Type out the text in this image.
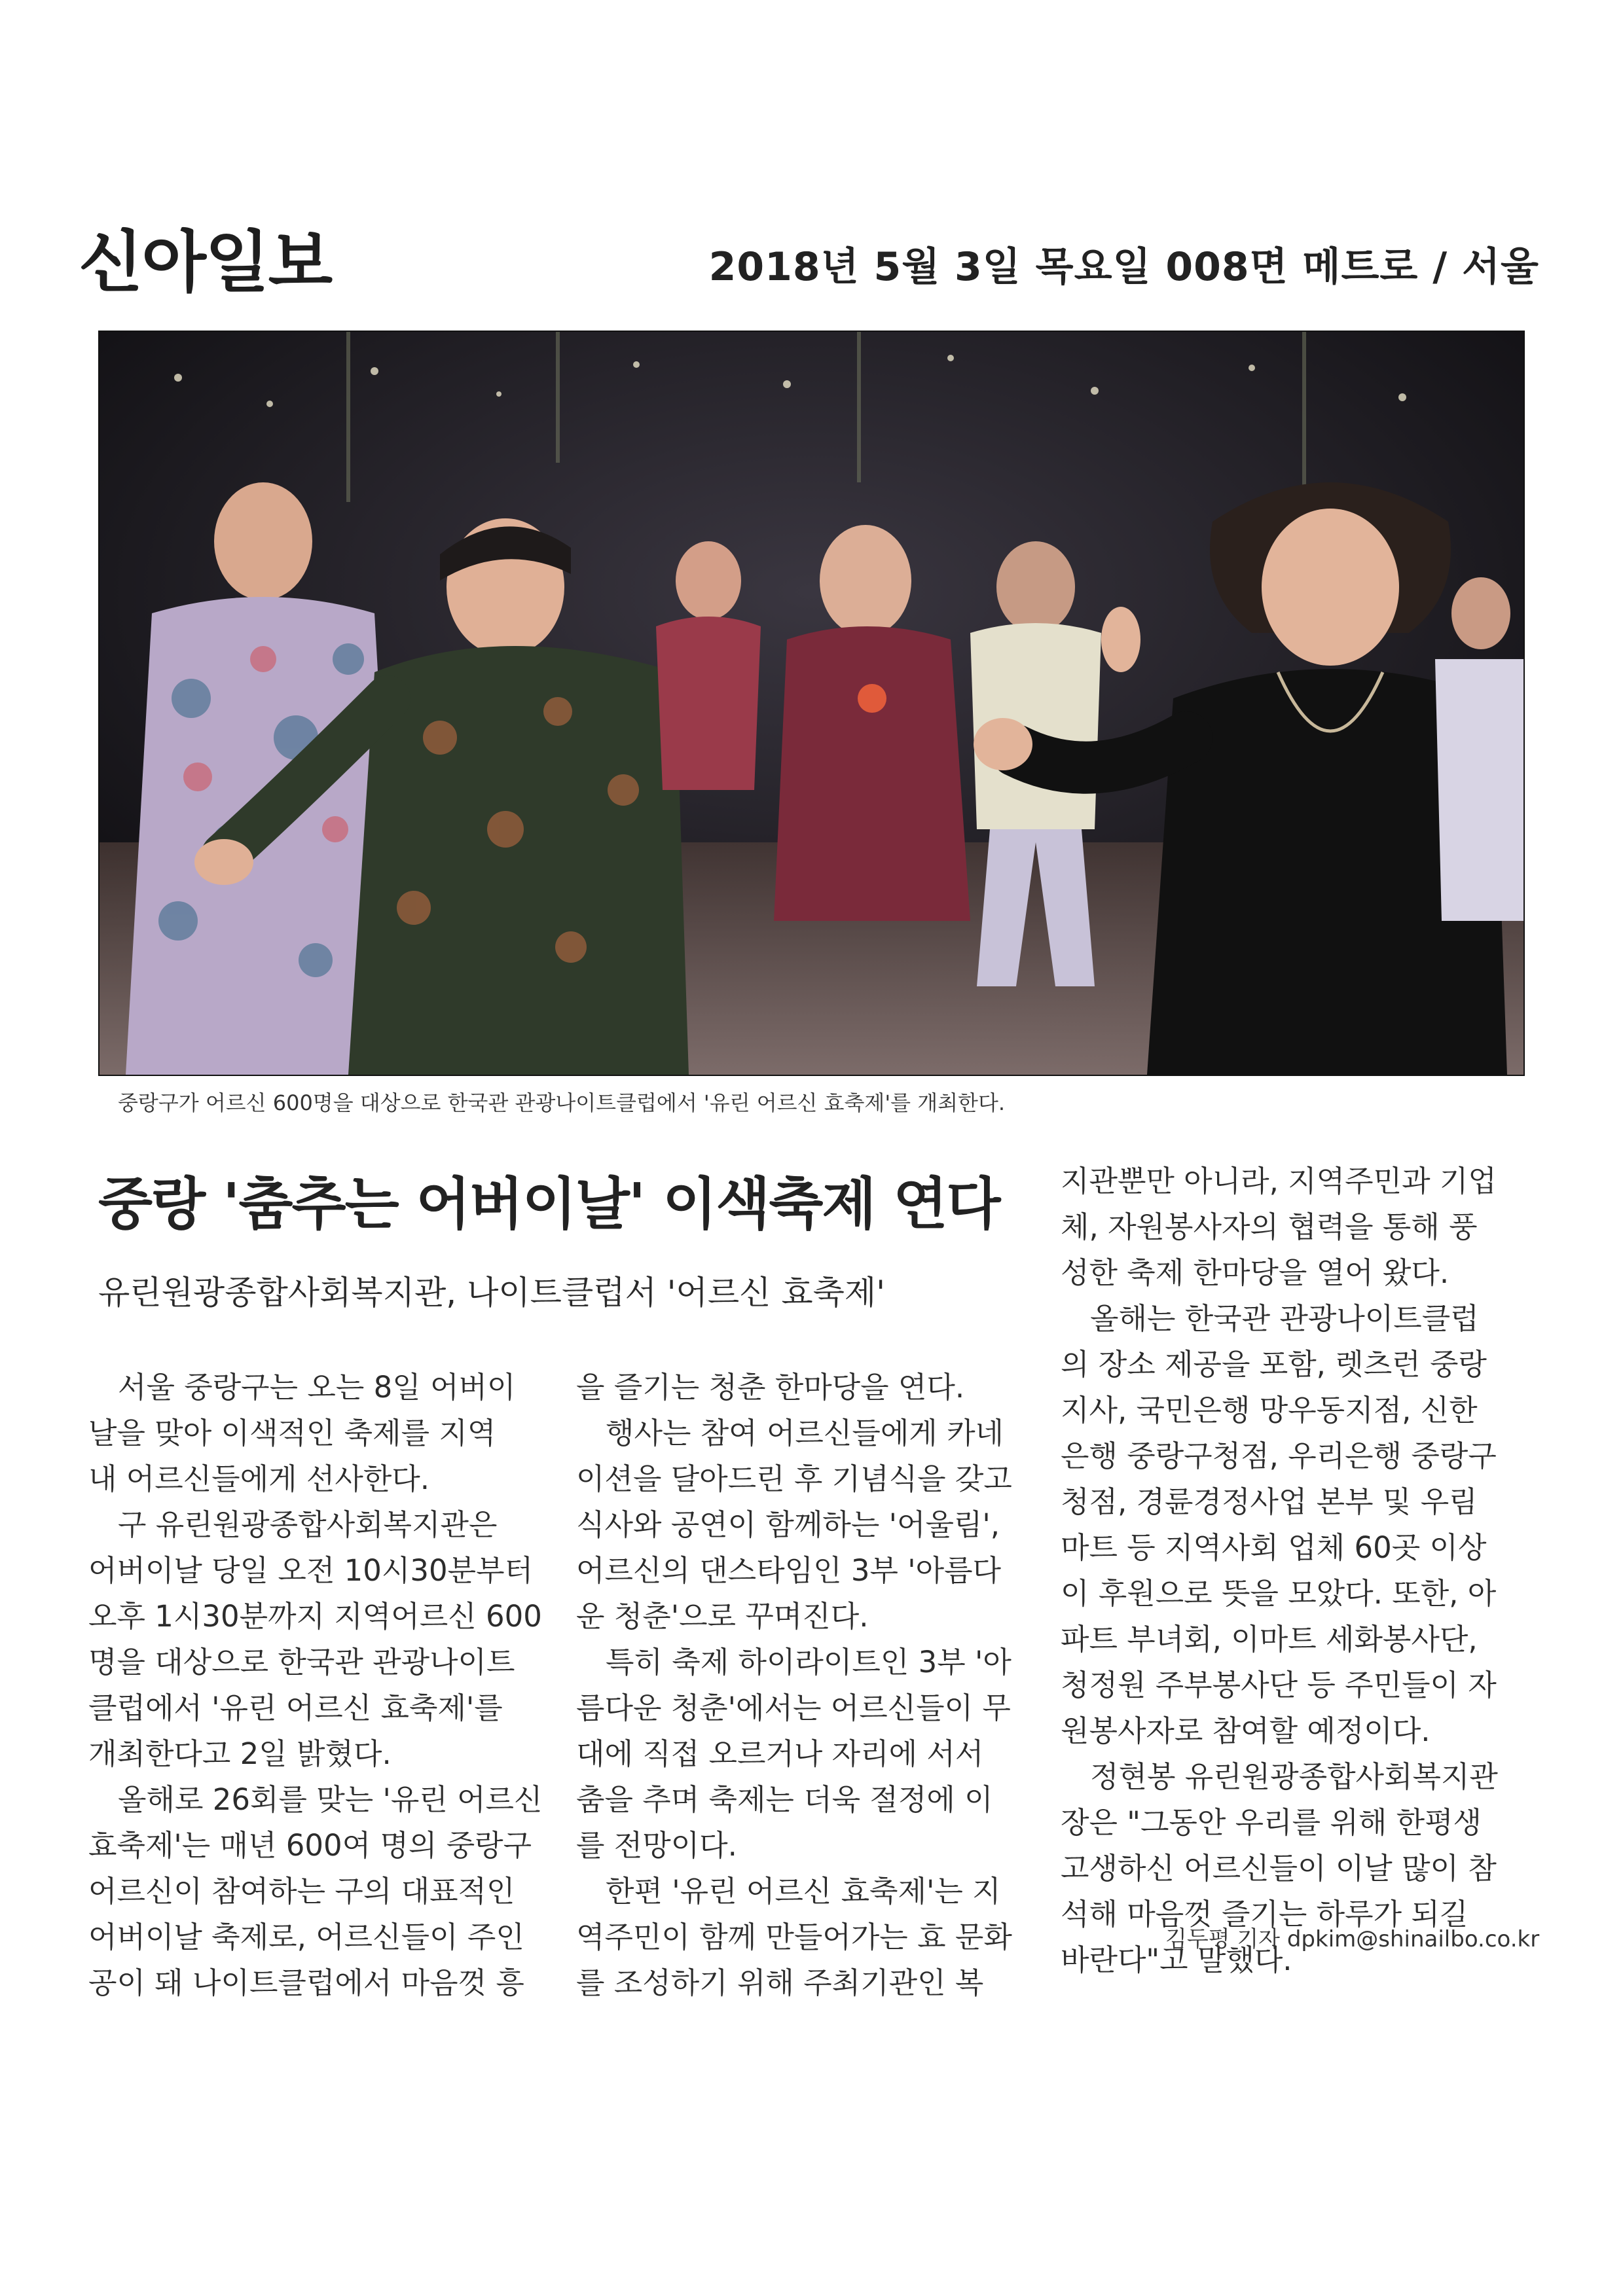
신아일보	2018년 5월 3일 목요일 008면 메트로 / 서울
중랑구가 어르신 600명을 대상으로 한국관 관광나이트클럽에서 '유린 어르신 효축제'를 개최한다.
중랑 '춤추는 어버이날' 이색축제 연다
유린원광종합사회복지관, 나이트클럽서 '어르신 효축제'

　서울 중랑구는 오는 8일 어버이

날을 맞아 이색적인 축제를 지역

내 어르신들에게 선사한다.

　구 유린원광종합사회복지관은

어버이날 당일 오전 10시30분부터

오후 1시30분까지 지역어르신 600

명을 대상으로 한국관 관광나이트

클럽에서 '유린 어르신 효축제'를

개최한다고 2일 밝혔다.

　올해로 26회를 맞는 '유린 어르신

효축제'는 매년 600여 명의 중랑구

어르신이 참여하는 구의 대표적인

어버이날 축제로, 어르신들이 주인

공이 돼 나이트클럽에서 마음껏 흥

을 즐기는 청춘 한마당을 연다.

　행사는 참여 어르신들에게 카네

이션을 달아드린 후 기념식을 갖고

식사와 공연이 함께하는 '어울림',

어르신의 댄스타임인 3부 '아름다

운 청춘'으로 꾸며진다.

　특히 축제 하이라이트인 3부 '아

름다운 청춘'에서는 어르신들이 무

대에 직접 오르거나 자리에 서서

춤을 추며 축제는 더욱 절정에 이

를 전망이다.

　한편 '유린 어르신 효축제'는 지

역주민이 함께 만들어가는 효 문화

를 조성하기 위해 주최기관인 복

지관뿐만 아니라, 지역주민과 기업

체, 자원봉사자의 협력을 통해 풍

성한 축제 한마당을 열어 왔다.

　올해는 한국관 관광나이트클럽

의 장소 제공을 포함, 렛츠런 중랑

지사, 국민은행 망우동지점, 신한

은행 중랑구청점, 우리은행 중랑구

청점, 경륜경정사업 본부 및 우림

마트 등 지역사회 업체 60곳 이상

이 후원으로 뜻을 모았다. 또한, 아

파트 부녀회, 이마트 세화봉사단,

청정원 주부봉사단 등 주민들이 자

원봉사자로 참여할 예정이다.

　정현봉 유린원광종합사회복지관

장은 "그동안 우리를 위해 한평생

고생하신 어르신들이 이날 많이 참

석해 마음껏 즐기는 하루가 되길

바란다"고 말했다.

김두평 기자 dpkim@shinailbo.co.kr
